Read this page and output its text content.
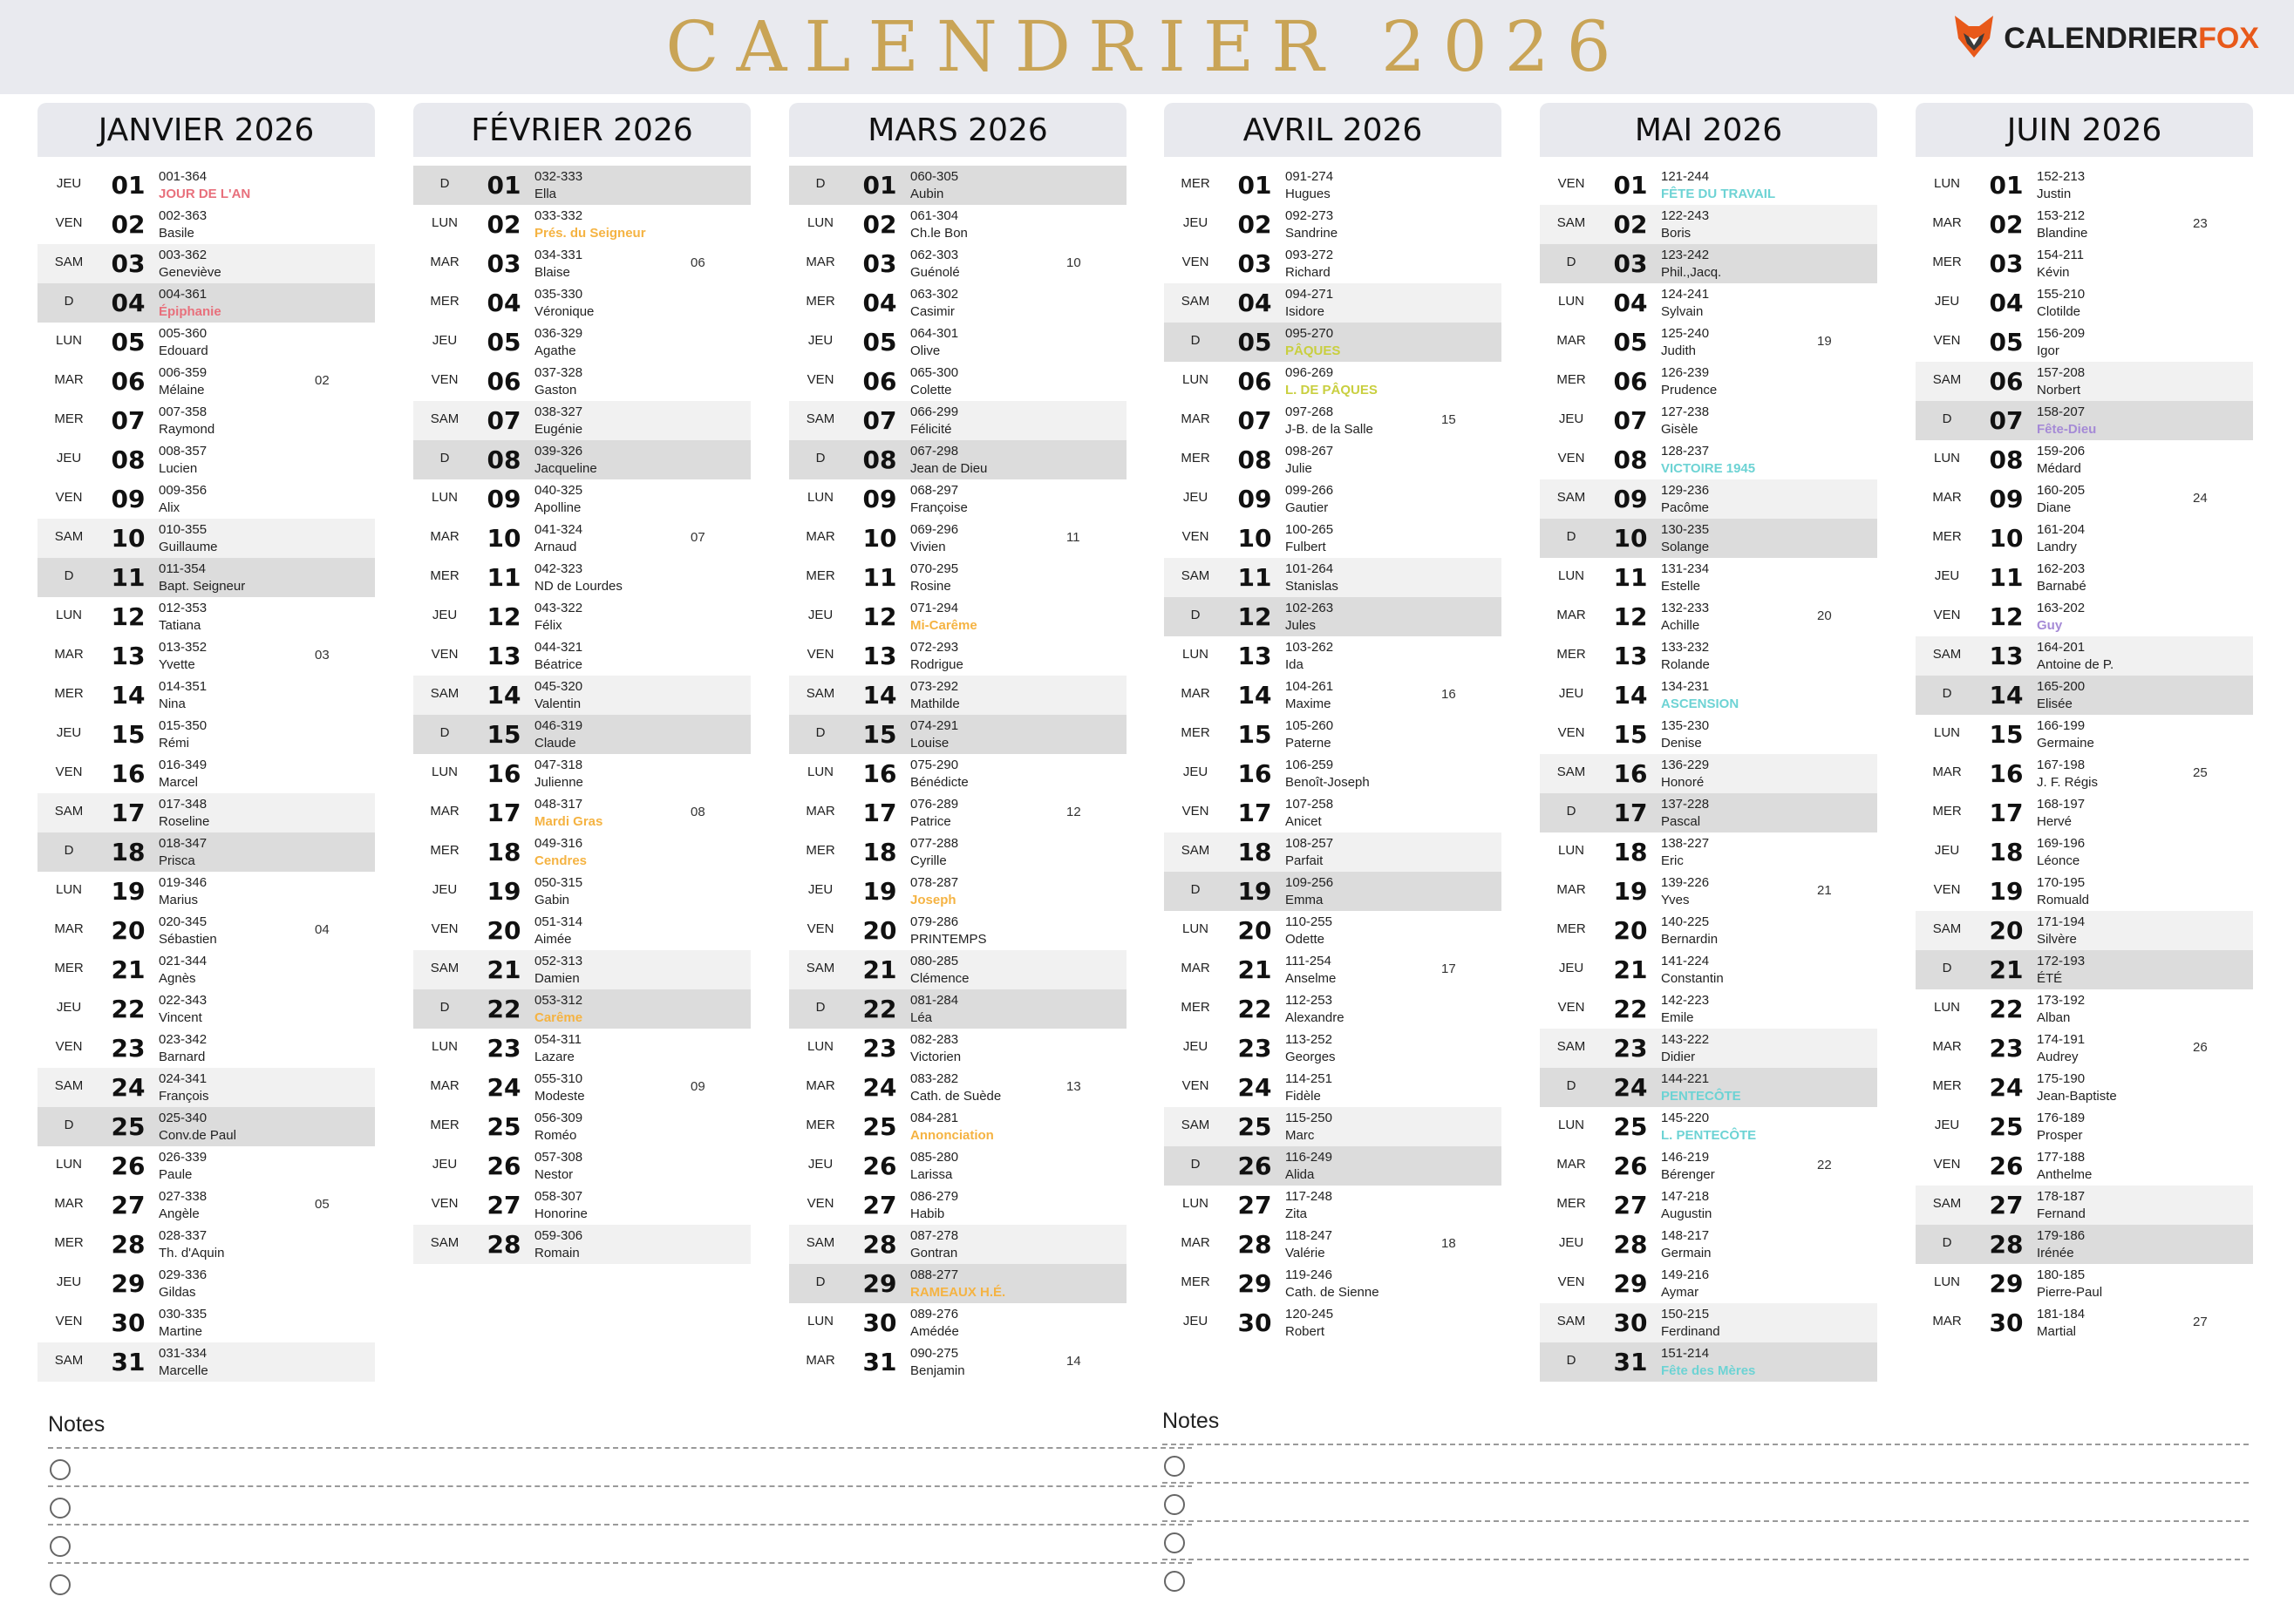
CALENDRIER 2026	CALENDRIERFOX
JANVIER 2026
JEU	01	001-364
JOUR DE L'AN
VEN	02	002-363
Basile
SAM	03	003-362
Geneviève
D	04	004-361
Épiphanie
LUN	05	005-360
Edouard
MAR	06	006-359
Mélaine
02
MER	07	007-358
Raymond
JEU	08	008-357
Lucien
VEN	09	009-356
Alix
SAM	10	010-355
Guillaume
D	11	011-354
Bapt. Seigneur
LUN	12	012-353
Tatiana
MAR	13	013-352
Yvette
03
MER	14	014-351
Nina
JEU	15	015-350
Rémi
VEN	16	016-349
Marcel
SAM	17	017-348
Roseline
D	18	018-347
Prisca
LUN	19	019-346
Marius
MAR	20	020-345
Sébastien
04
MER	21	021-344
Agnès
JEU	22	022-343
Vincent
VEN	23	023-342
Barnard
SAM	24	024-341
François
D	25	025-340
Conv.de Paul
LUN	26	026-339
Paule
MAR	27	027-338
Angèle
05
MER	28	028-337
Th. d'Aquin
JEU	29	029-336
Gildas
VEN	30	030-335
Martine
SAM	31	031-334
Marcelle
FÉVRIER 2026
D	01	032-333
Ella
LUN	02	033-332
Prés. du Seigneur
MAR	03	034-331
Blaise
06
MER	04	035-330
Véronique
JEU	05	036-329
Agathe
VEN	06	037-328
Gaston
SAM	07	038-327
Eugénie
D	08	039-326
Jacqueline
LUN	09	040-325
Apolline
MAR	10	041-324
Arnaud
07
MER	11	042-323
ND de Lourdes
JEU	12	043-322
Félix
VEN	13	044-321
Béatrice
SAM	14	045-320
Valentin
D	15	046-319
Claude
LUN	16	047-318
Julienne
MAR	17	048-317
Mardi Gras
08
MER	18	049-316
Cendres
JEU	19	050-315
Gabin
VEN	20	051-314
Aimée
SAM	21	052-313
Damien
D	22	053-312
Carême
LUN	23	054-311
Lazare
MAR	24	055-310
Modeste
09
MER	25	056-309
Roméo
JEU	26	057-308
Nestor
VEN	27	058-307
Honorine
SAM	28	059-306
Romain
MARS 2026
D	01	060-305
Aubin
LUN	02	061-304
Ch.le Bon
MAR	03	062-303
Guénolé
10
MER	04	063-302
Casimir
JEU	05	064-301
Olive
VEN	06	065-300
Colette
SAM	07	066-299
Félicité
D	08	067-298
Jean de Dieu
LUN	09	068-297
Françoise
MAR	10	069-296
Vivien
11
MER	11	070-295
Rosine
JEU	12	071-294
Mi-Carême
VEN	13	072-293
Rodrigue
SAM	14	073-292
Mathilde
D	15	074-291
Louise
LUN	16	075-290
Bénédicte
MAR	17	076-289
Patrice
12
MER	18	077-288
Cyrille
JEU	19	078-287
Joseph
VEN	20	079-286
PRINTEMPS
SAM	21	080-285
Clémence
D	22	081-284
Léa
LUN	23	082-283
Victorien
MAR	24	083-282
Cath. de Suède
13
MER	25	084-281
Annonciation
JEU	26	085-280
Larissa
VEN	27	086-279
Habib
SAM	28	087-278
Gontran
D	29	088-277
RAMEAUX H.É.
LUN	30	089-276
Amédée
MAR	31	090-275
Benjamin
14
AVRIL 2026
MER	01	091-274
Hugues
JEU	02	092-273
Sandrine
VEN	03	093-272
Richard
SAM	04	094-271
Isidore
D	05	095-270
PÂQUES
LUN	06	096-269
L. DE PÂQUES
MAR	07	097-268
J-B. de la Salle
15
MER	08	098-267
Julie
JEU	09	099-266
Gautier
VEN	10	100-265
Fulbert
SAM	11	101-264
Stanislas
D	12	102-263
Jules
LUN	13	103-262
Ida
MAR	14	104-261
Maxime
16
MER	15	105-260
Paterne
JEU	16	106-259
Benoît-Joseph
VEN	17	107-258
Anicet
SAM	18	108-257
Parfait
D	19	109-256
Emma
LUN	20	110-255
Odette
MAR	21	111-254
Anselme
17
MER	22	112-253
Alexandre
JEU	23	113-252
Georges
VEN	24	114-251
Fidèle
SAM	25	115-250
Marc
D	26	116-249
Alida
LUN	27	117-248
Zita
MAR	28	118-247
Valérie
18
MER	29	119-246
Cath. de Sienne
JEU	30	120-245
Robert
MAI 2026
VEN	01	121-244
FÊTE DU TRAVAIL
SAM	02	122-243
Boris
D	03	123-242
Phil.,Jacq.
LUN	04	124-241
Sylvain
MAR	05	125-240
Judith
19
MER	06	126-239
Prudence
JEU	07	127-238
Gisèle
VEN	08	128-237
VICTOIRE 1945
SAM	09	129-236
Pacôme
D	10	130-235
Solange
LUN	11	131-234
Estelle
MAR	12	132-233
Achille
20
MER	13	133-232
Rolande
JEU	14	134-231
ASCENSION
VEN	15	135-230
Denise
SAM	16	136-229
Honoré
D	17	137-228
Pascal
LUN	18	138-227
Eric
MAR	19	139-226
Yves
21
MER	20	140-225
Bernardin
JEU	21	141-224
Constantin
VEN	22	142-223
Emile
SAM	23	143-222
Didier
D	24	144-221
PENTECÔTE
LUN	25	145-220
L. PENTECÔTE
MAR	26	146-219
Bérenger
22
MER	27	147-218
Augustin
JEU	28	148-217
Germain
VEN	29	149-216
Aymar
SAM	30	150-215
Ferdinand
D	31	151-214
Fête des Mères
JUIN 2026
LUN	01	152-213
Justin
MAR	02	153-212
Blandine
23
MER	03	154-211
Kévin
JEU	04	155-210
Clotilde
VEN	05	156-209
Igor
SAM	06	157-208
Norbert
D	07	158-207
Fête-Dieu
LUN	08	159-206
Médard
MAR	09	160-205
Diane
24
MER	10	161-204
Landry
JEU	11	162-203
Barnabé
VEN	12	163-202
Guy
SAM	13	164-201
Antoine de P.
D	14	165-200
Elisée
LUN	15	166-199
Germaine
MAR	16	167-198
J. F. Régis
25
MER	17	168-197
Hervé
JEU	18	169-196
Léonce
VEN	19	170-195
Romuald
SAM	20	171-194
Silvère
D	21	172-193
ÉTÉ
LUN	22	173-192
Alban
MAR	23	174-191
Audrey
26
MER	24	175-190
Jean-Baptiste
JEU	25	176-189
Prosper
VEN	26	177-188
Anthelme
SAM	27	178-187
Fernand
D	28	179-186
Irénée
LUN	29	180-185
Pierre-Paul
MAR	30	181-184
Martial
27
Notes	Notes
